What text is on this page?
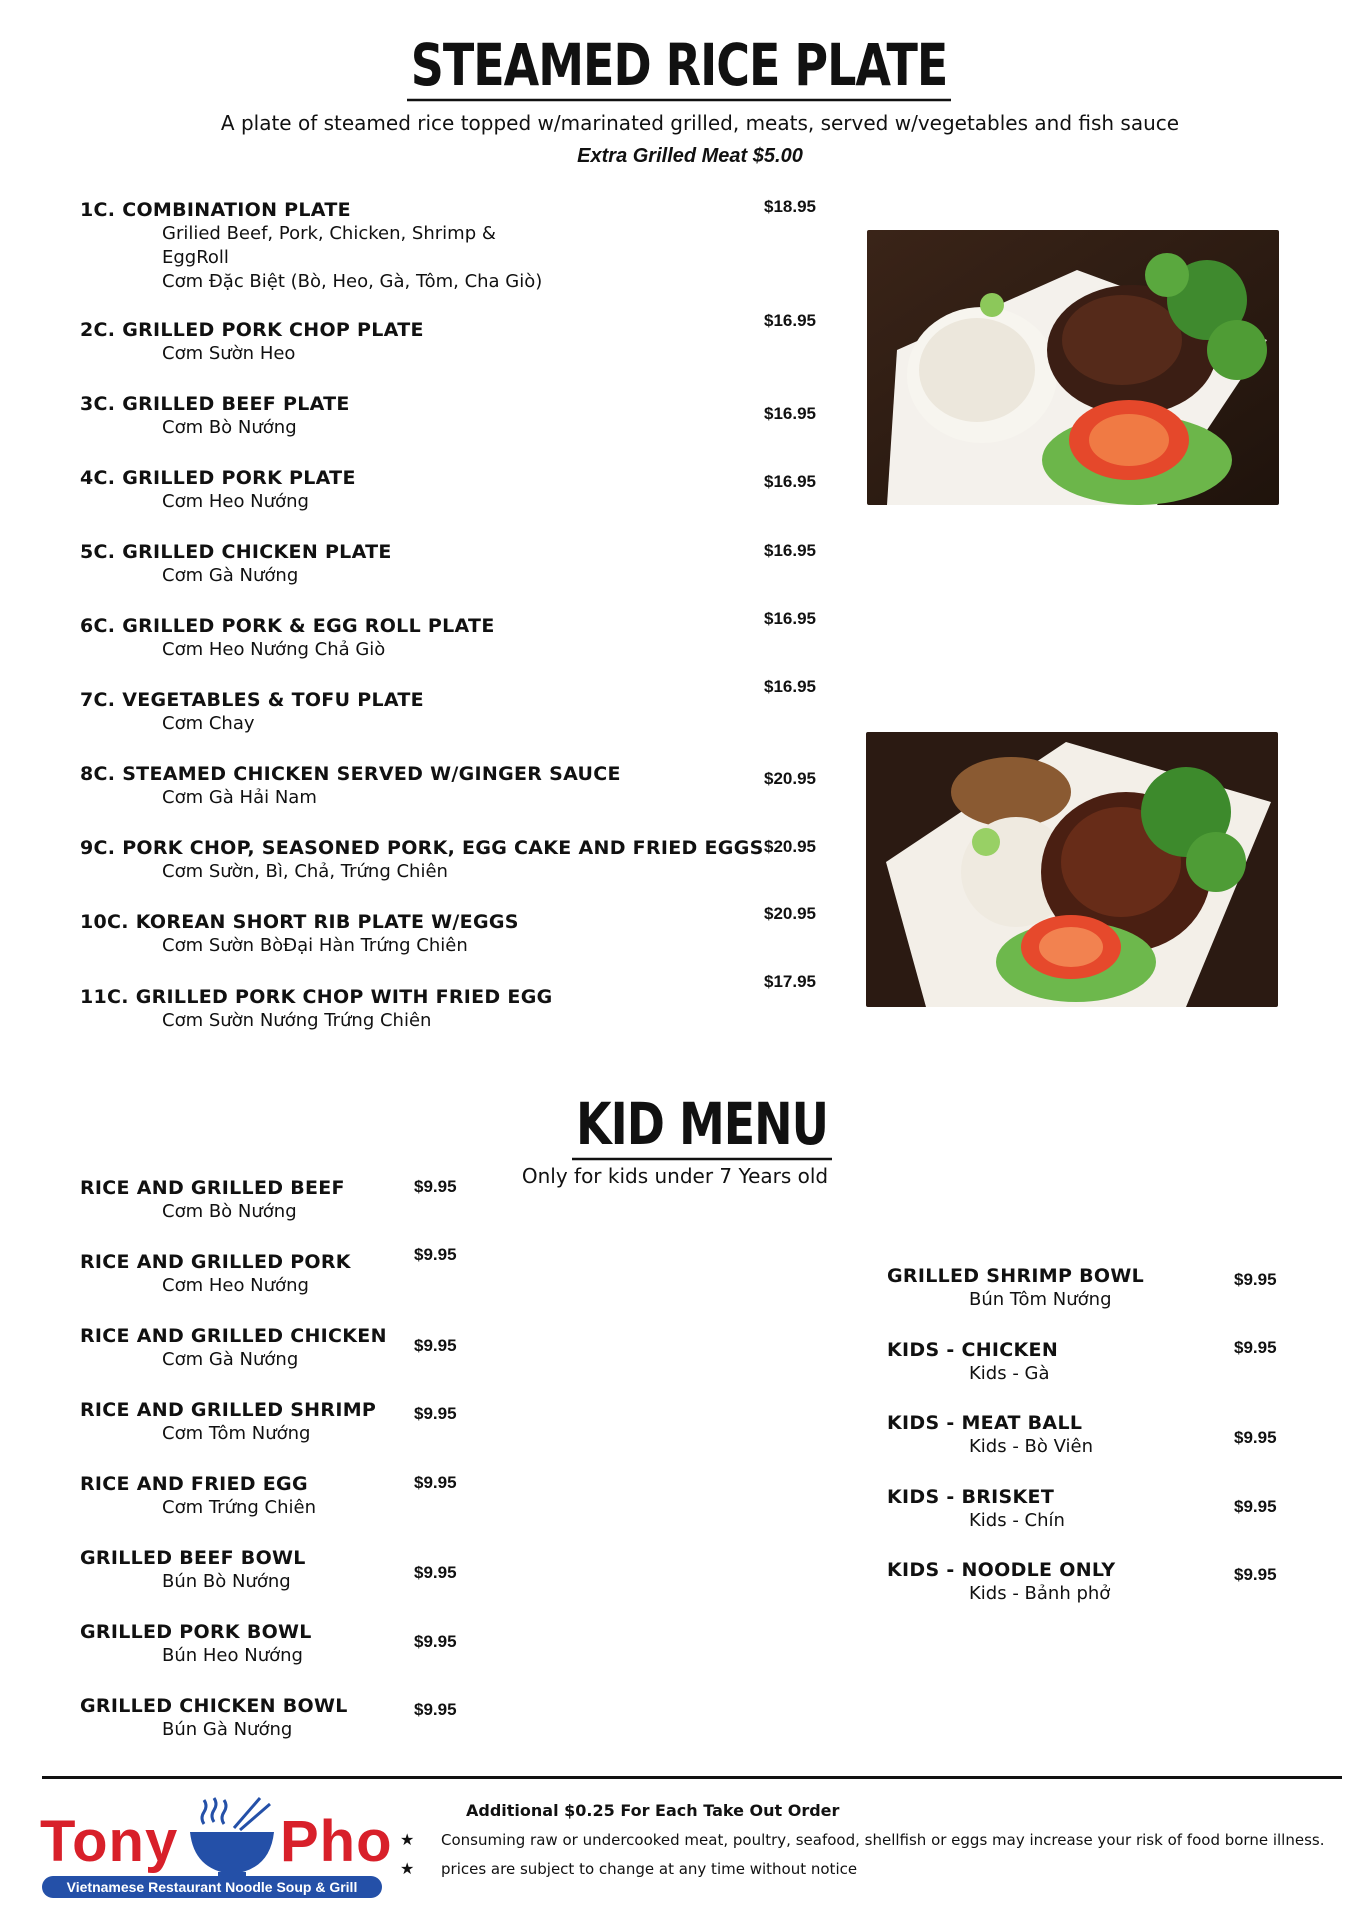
STEAMED RICE PLATE
A plate of steamed rice topped w/marinated grilled, meats, served w/vegetables and fish sauce
Extra Grilled Meat $5.00
1C. COMBINATION PLATE
Grilied Beef, Pork, Chicken, Shrimp &
EggRoll
Cơm Đặc Biệt (Bò, Heo, Gà, Tôm, Cha Giò)
$18.95
2C. GRILLED PORK CHOP PLATE
Cơm Sườn Heo
$16.95
3C. GRILLED BEEF PLATE
Cơm Bò Nướng
$16.95
4C. GRILLED PORK PLATE
Cơm Heo Nướng
$16.95
5C. GRILLED CHICKEN PLATE
Cơm Gà Nướng
$16.95
6C. GRILLED PORK & EGG ROLL PLATE
Cơm Heo Nướng Chả Giò
$16.95
7C. VEGETABLES & TOFU PLATE
Cơm Chay
$16.95
8C. STEAMED CHICKEN SERVED W/GINGER SAUCE
Cơm Gà Hải Nam
$20.95
9C. PORK CHOP, SEASONED PORK, EGG CAKE AND FRIED EGGS
Cơm Sườn, Bì, Chả, Trứng Chiên
$20.95
10C. KOREAN SHORT RIB PLATE W/EGGS
Cơm Sườn BòĐại Hàn Trứng Chiên
$20.95
11C. GRILLED PORK CHOP WITH FRIED EGG
Cơm Sườn Nướng Trứng Chiên
$17.95
KID MENU
Only for kids under 7 Years old
RICE AND GRILLED BEEF
Cơm Bò Nướng
$9.95
RICE AND GRILLED PORK
Cơm Heo Nướng
$9.95
RICE AND GRILLED CHICKEN
Cơm Gà Nướng
$9.95
RICE AND GRILLED SHRIMP
Cơm Tôm Nướng
$9.95
RICE AND FRIED EGG
Cơm Trứng Chiên
$9.95
GRILLED BEEF BOWL
Bún Bò Nướng	$9.95
GRILLED PORK BOWL
Bún Heo Nướng
$9.95
GRILLED CHICKEN BOWL
Bún Gà Nướng
$9.95
GRILLED SHRIMP BOWL
Bún Tôm Nướng
$9.95
KIDS - CHICKEN
Kids - Gà
$9.95
KIDS - MEAT BALL
Kids - Bò Viên	$9.95
KIDS - BRISKET
Kids - Chín
$9.95
KIDS - NOODLE ONLY
Kids - Bảnh phở
$9.95
Tony Pho
Vietnamese Restaurant Noodle Soup & Grill
Additional $0.25 For Each Take Out Order
★ Consuming raw or undercooked meat, poultry, seafood, shellfish or eggs may increase your risk of food borne illness.
★ prices are subject to change at any time without notice
